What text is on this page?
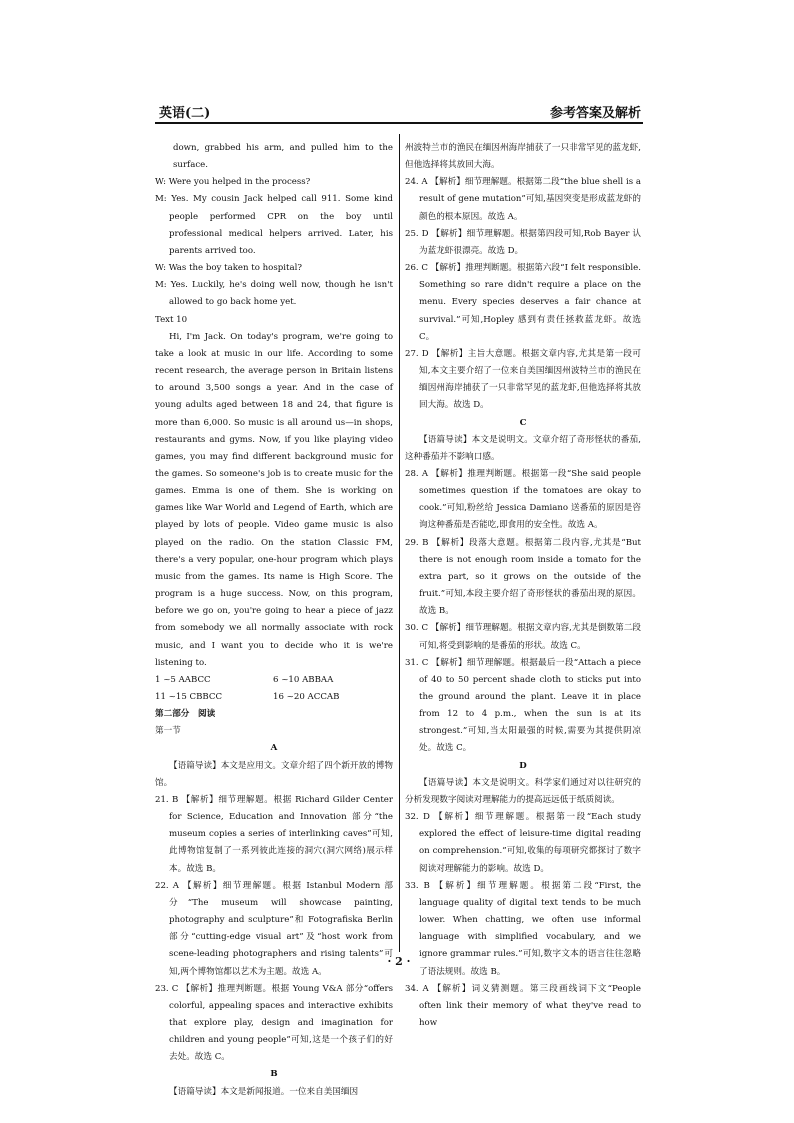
英语(二)	参考答案及解析
down, grabbed his arm, and pulled him to the surface.
W: Were you helped in the process?
M: Yes. My cousin Jack helped call 911. Some kind people performed CPR on the boy until professional medical helpers arrived. Later, his parents arrived too.
W: Was the boy taken to hospital?
M: Yes. Luckily, he's doing well now, though he isn't allowed to go back home yet.
Text 10
Hi, I'm Jack. On today's program, we're going to take a look at music in our life. According to some recent research, the average person in Britain listens to around 3,500 songs a year. And in the case of young adults aged between 18 and 24, that figure is more than 6,000. So music is all around us—in shops, restaurants and gyms. Now, if you like playing video games, you may find different background music for the games. So someone's job is to create music for the games. Emma is one of them. She is working on games like War World and Legend of Earth, which are played by lots of people. Video game music is also played on the radio. On the station Classic FM, there's a very popular, one-hour program which plays music from the games. Its name is High Score. The program is a huge success. Now, on this program, before we go on, you're going to hear a piece of jazz from somebody we all normally associate with rock music, and I want you to decide who it is we're listening to.
1 ~5 AABCC	6 ~10 ABBAA
11 ~15 CBBCC	16 ~20 ACCAB
第二部分　阅读
第一节
A
【语篇导读】本文是应用文。文章介绍了四个新开放的博物馆。
21. B 【解析】细节理解题。根据 Richard Gilder Center for Science, Education and Innovation 部分“the museum copies a series of interlinking caves”可知,此博物馆复制了一系列彼此连接的洞穴(洞穴网络)展示样本。故选 B。
22. A 【解析】细节理解题。根据 Istanbul Modern 部分“The museum will showcase painting, photography and sculpture”和 Fotografiska Berlin 部分“cutting-edge visual art”及“host work from scene-leading photographers and rising talents”可知,两个博物馆都以艺术为主题。故选 A。
23. C 【解析】推理判断题。根据 Young V&A 部分“offers colorful, appealing spaces and interactive exhibits that explore play, design and imagination for children and young people”可知,这是一个孩子们的好去处。故选 C。
B
【语篇导读】本文是新闻报道。一位来自美国缅因
州波特兰市的渔民在缅因州海岸捕获了一只非常罕见的蓝龙虾,但他选择将其放回大海。
24. A 【解析】细节理解题。根据第二段“the blue shell is a result of gene mutation”可知,基因突变是形成蓝龙虾的颜色的根本原因。故选 A。
25. D 【解析】细节理解题。根据第四段可知,Rob Bayer 认为蓝龙虾很漂亮。故选 D。
26. C 【解析】推理判断题。根据第六段“I felt responsible. Something so rare didn't require a place on the menu. Every species deserves a fair chance at survival.”可知,Hopley 感到有责任拯救蓝龙虾。故选 C。
27. D 【解析】主旨大意题。根据文章内容,尤其是第一段可知,本文主要介绍了一位来自美国缅因州波特兰市的渔民在缅因州海岸捕获了一只非常罕见的蓝龙虾,但他选择将其放回大海。故选 D。
C
【语篇导读】本文是说明文。文章介绍了奇形怪状的番茄,这种番茄并不影响口感。
28. A 【解析】推理判断题。根据第一段“She said people sometimes question if the tomatoes are okay to cook.”可知,粉丝给 Jessica Damiano 送番茄的原因是咨询这种番茄是否能吃,即食用的安全性。故选 A。
29. B 【解析】段落大意题。根据第二段内容,尤其是“But there is not enough room inside a tomato for the extra part, so it grows on the outside of the fruit.”可知,本段主要介绍了奇形怪状的番茄出现的原因。故选 B。
30. C 【解析】细节理解题。根据文章内容,尤其是倒数第二段可知,将受到影响的是番茄的形状。故选 C。
31. C 【解析】细节理解题。根据最后一段“Attach a piece of 40 to 50 percent shade cloth to sticks put into the ground around the plant. Leave it in place from 12 to 4 p.m., when the sun is at its strongest.”可知,当太阳最强的时候,需要为其提供阴凉处。故选 C。
D
【语篇导读】本文是说明文。科学家们通过对以往研究的分析发现数字阅读对理解能力的提高远远低于纸质阅读。
32. D 【解析】细节理解题。根据第一段“Each study explored the effect of leisure-time digital reading on comprehension.”可知,收集的每项研究都探讨了数字阅读对理解能力的影响。故选 D。
33. B 【解析】细节理解题。根据第二段“First, the language quality of digital text tends to be much lower. When chatting, we often use informal language with simplified vocabulary, and we ignore grammar rules.”可知,数字文本的语言往往忽略了语法规则。故选 B。
34. A 【解析】词义猜测题。第三段画线词下文“People often link their memory of what they've read to how
· 2 ·
